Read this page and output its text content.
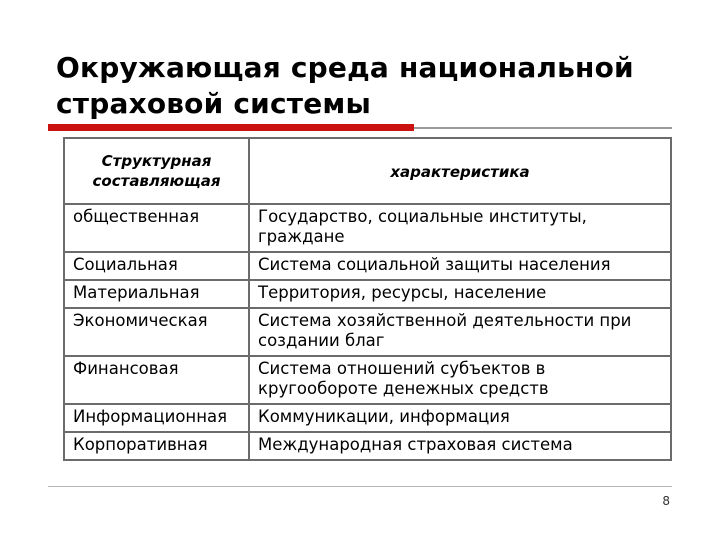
Окружающая среда национальной
страховой системы
Структурная составляющая	характеристика
общественная	Государство, социальные институты, граждане
Социальная	Система социальной защиты населения
Материальная	Территория, ресурсы, население
Экономическая	Система хозяйственной деятельности при создании благ
Финансовая	Система отношений субъектов в кругообороте денежных средств
Информационная	Коммуникации, информация
Корпоративная	Международная страховая система
8
